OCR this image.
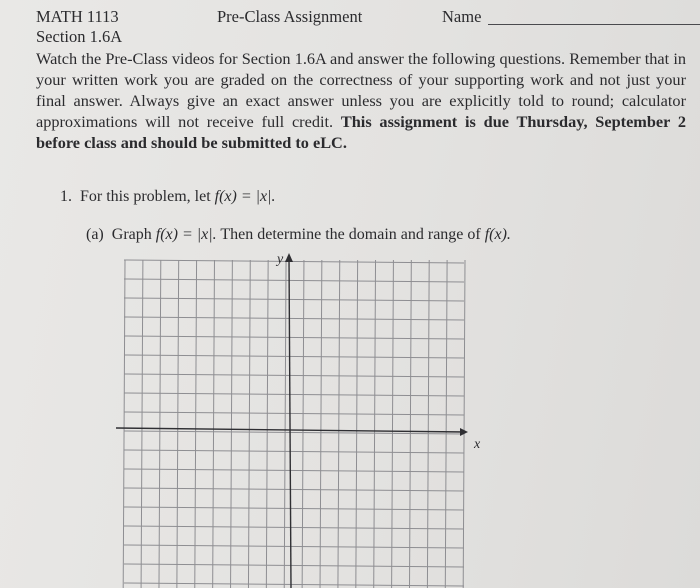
MATH 1113	Pre-Class Assignment	Name
Section 1.6A
Watch the Pre-Class videos for Section 1.6A and answer the following questions. Remember that in your written work you are graded on the correctness of your supporting work and not just your final answer. Always give an exact answer unless you are explicitly told to round; calculator approximations will not receive full credit. This assignment is due Thursday, September 2 before class and should be submitted to eLC.
1. For this problem, let f(x) = |x|.
(a) Graph f(x) = |x|. Then determine the domain and range of f(x).
x
y
